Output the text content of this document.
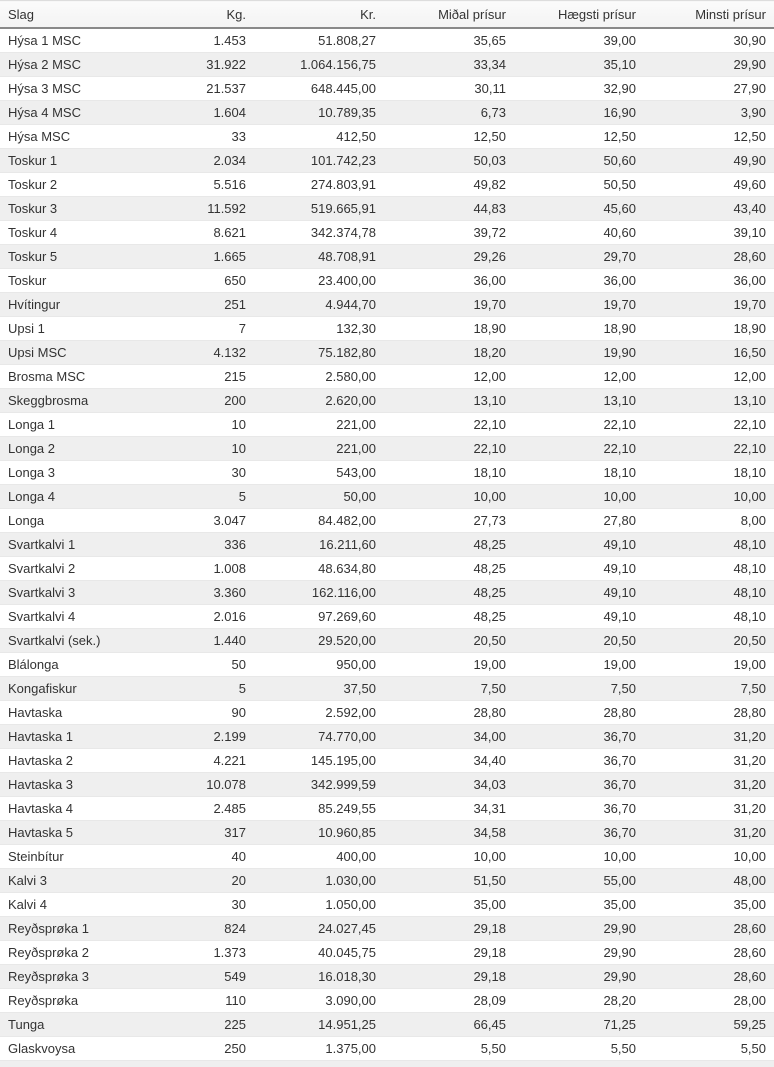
Slag	Kg.	Kr.	Miðal prísur	Hægsti prísur	Minsti prísur
Hýsa 1 MSC	1.453	51.808,27	35,65	39,00	30,90
Hýsa 2 MSC	31.922	1.064.156,75	33,34	35,10	29,90
Hýsa 3 MSC	21.537	648.445,00	30,11	32,90	27,90
Hýsa 4 MSC	1.604	10.789,35	6,73	16,90	3,90
Hýsa MSC	33	412,50	12,50	12,50	12,50
Toskur 1	2.034	101.742,23	50,03	50,60	49,90
Toskur 2	5.516	274.803,91	49,82	50,50	49,60
Toskur 3	11.592	519.665,91	44,83	45,60	43,40
Toskur 4	8.621	342.374,78	39,72	40,60	39,10
Toskur 5	1.665	48.708,91	29,26	29,70	28,60
Toskur	650	23.400,00	36,00	36,00	36,00
Hvítingur	251	4.944,70	19,70	19,70	19,70
Upsi 1	7	132,30	18,90	18,90	18,90
Upsi MSC	4.132	75.182,80	18,20	19,90	16,50
Brosma MSC	215	2.580,00	12,00	12,00	12,00
Skeggbrosma	200	2.620,00	13,10	13,10	13,10
Longa 1	10	221,00	22,10	22,10	22,10
Longa 2	10	221,00	22,10	22,10	22,10
Longa 3	30	543,00	18,10	18,10	18,10
Longa 4	5	50,00	10,00	10,00	10,00
Longa	3.047	84.482,00	27,73	27,80	8,00
Svartkalvi 1	336	16.211,60	48,25	49,10	48,10
Svartkalvi 2	1.008	48.634,80	48,25	49,10	48,10
Svartkalvi 3	3.360	162.116,00	48,25	49,10	48,10
Svartkalvi 4	2.016	97.269,60	48,25	49,10	48,10
Svartkalvi (sek.)	1.440	29.520,00	20,50	20,50	20,50
Blálonga	50	950,00	19,00	19,00	19,00
Kongafiskur	5	37,50	7,50	7,50	7,50
Havtaska	90	2.592,00	28,80	28,80	28,80
Havtaska 1	2.199	74.770,00	34,00	36,70	31,20
Havtaska 2	4.221	145.195,00	34,40	36,70	31,20
Havtaska 3	10.078	342.999,59	34,03	36,70	31,20
Havtaska 4	2.485	85.249,55	34,31	36,70	31,20
Havtaska 5	317	10.960,85	34,58	36,70	31,20
Steinbítur	40	400,00	10,00	10,00	10,00
Kalvi 3	20	1.030,00	51,50	55,00	48,00
Kalvi 4	30	1.050,00	35,00	35,00	35,00
Reyðsprøka 1	824	24.027,45	29,18	29,90	28,60
Reyðsprøka 2	1.373	40.045,75	29,18	29,90	28,60
Reyðsprøka 3	549	16.018,30	29,18	29,90	28,60
Reyðsprøka	110	3.090,00	28,09	28,20	28,00
Tunga	225	14.951,25	66,45	71,25	59,25
Glaskvoysa	250	1.375,00	5,50	5,50	5,50
